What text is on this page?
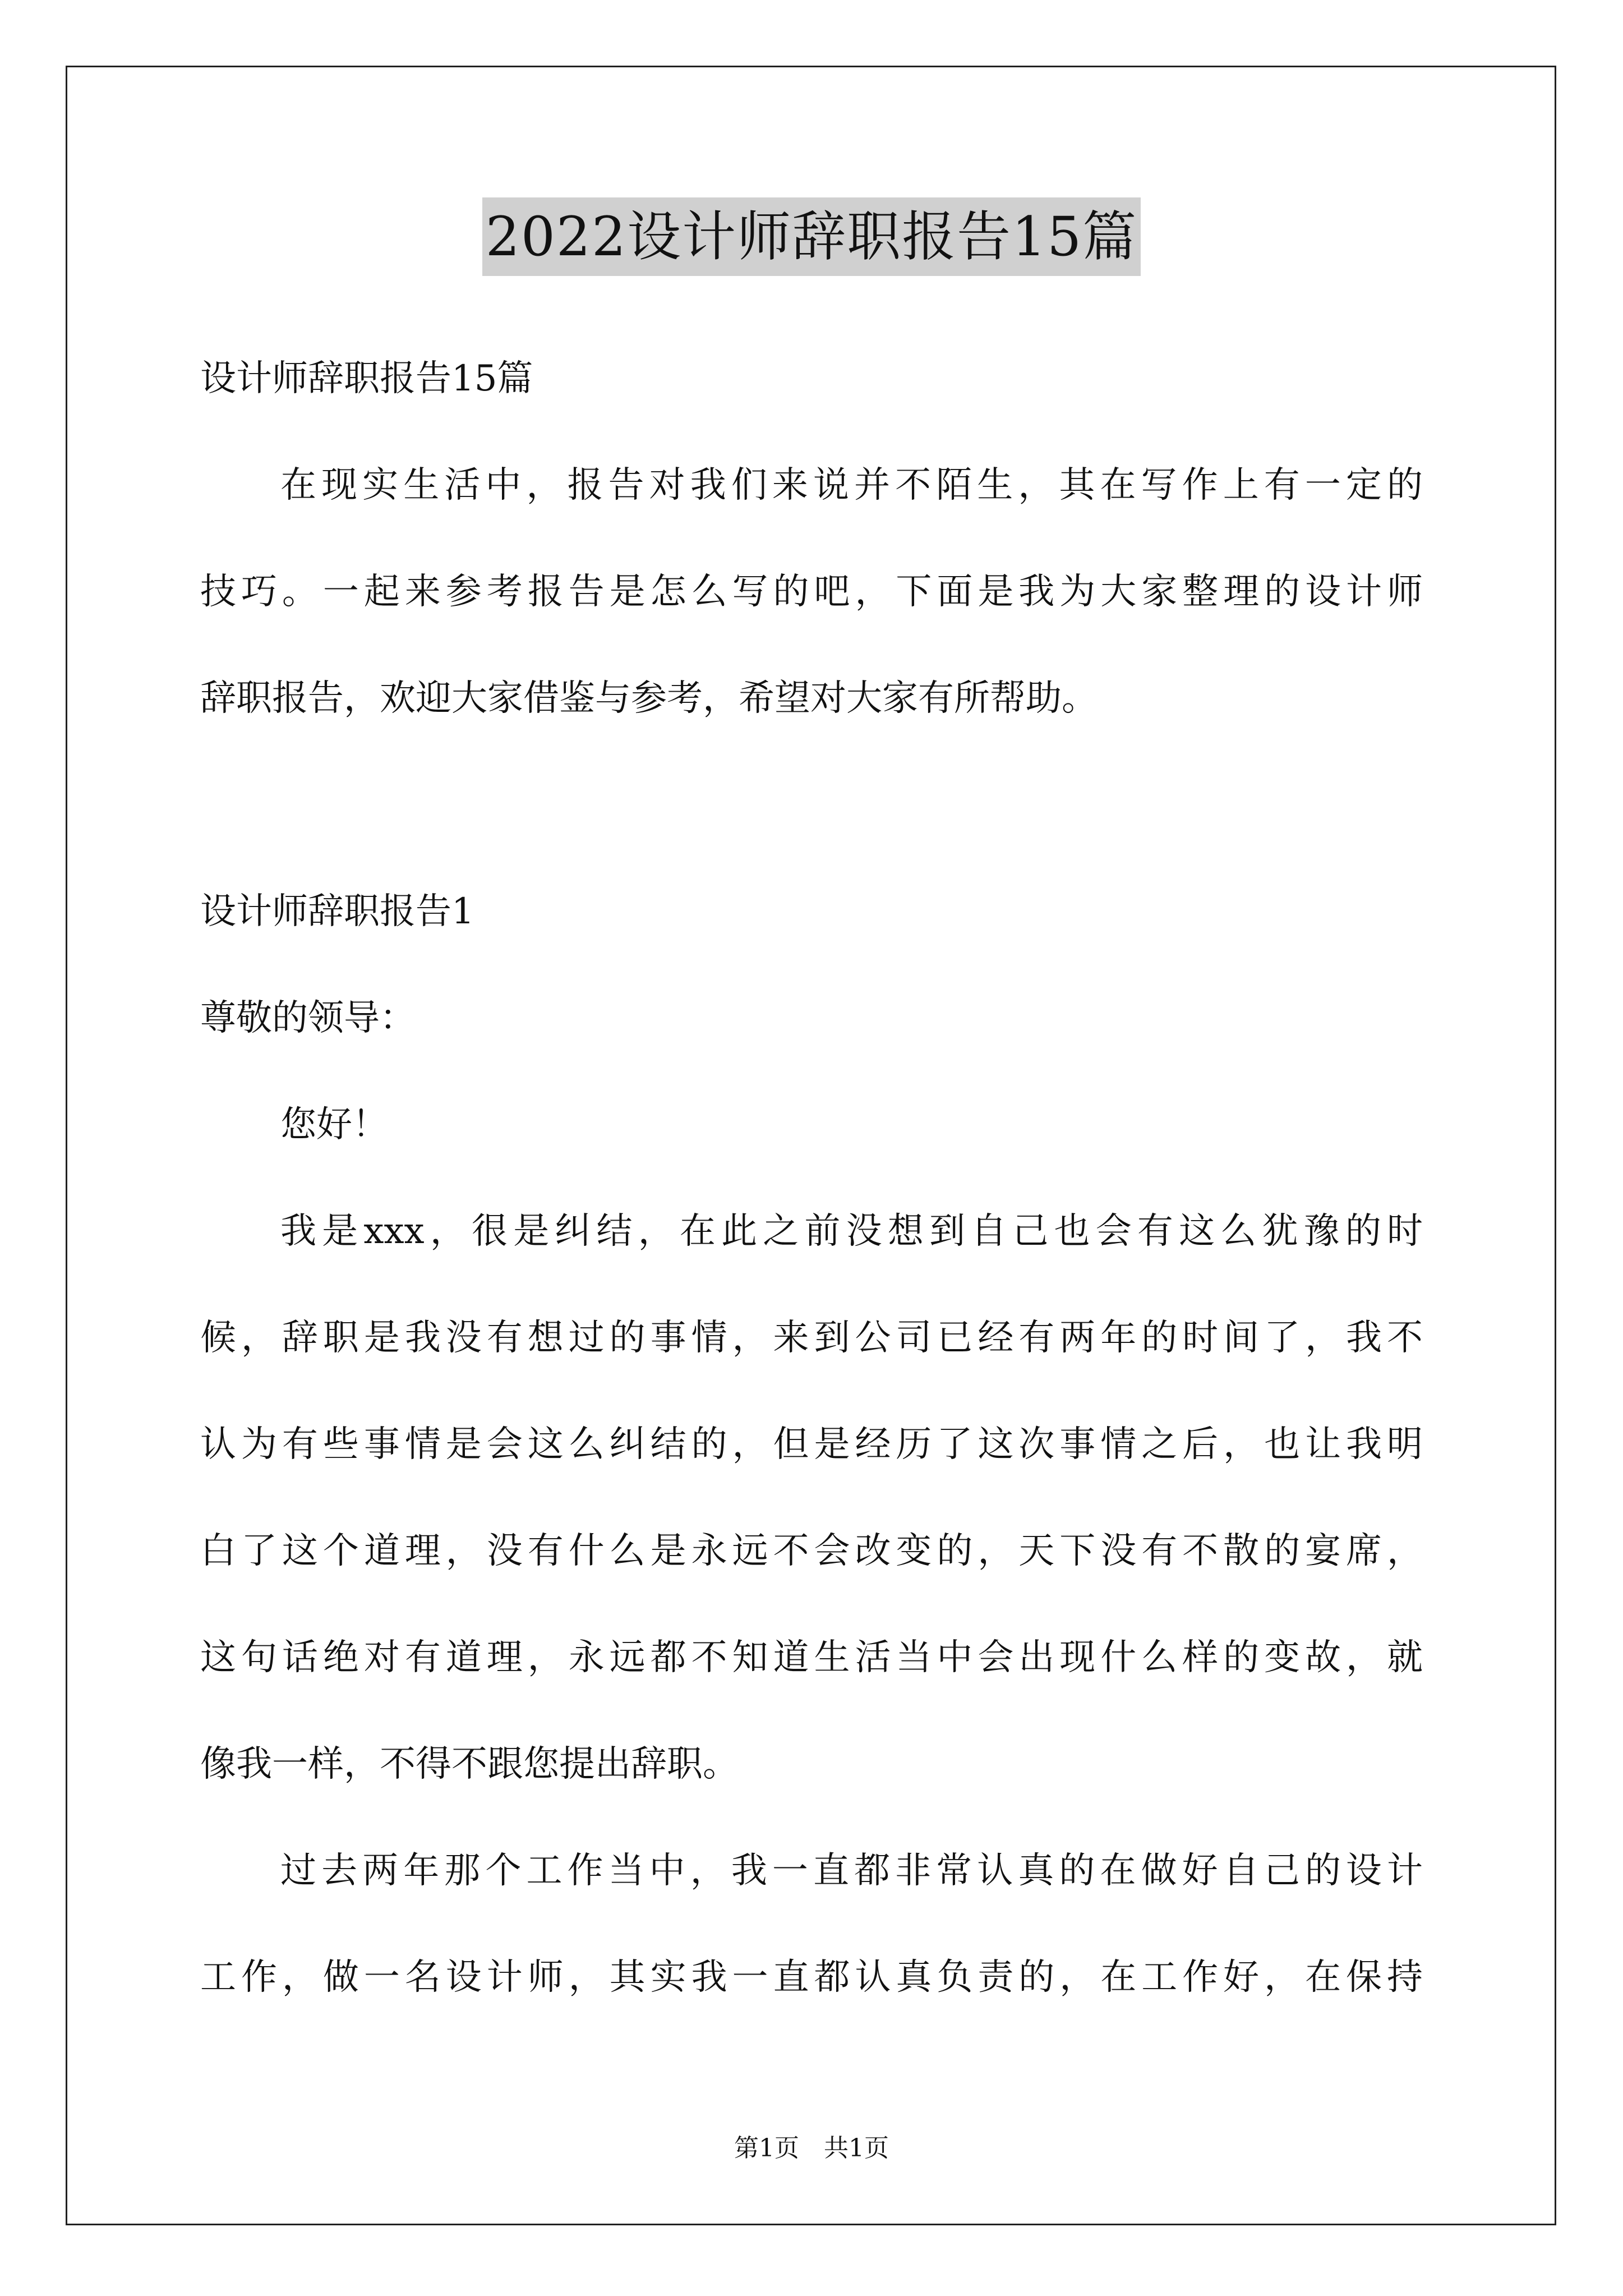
2022设计师辞职报告15篇
设计师辞职报告15篇
在现实生活中，报告对我们来说并不陌生，其在写作上有一定的
技巧。一起来参考报告是怎么写的吧，下面是我为大家整理的设计师
辞职报告，欢迎大家借鉴与参考，希望对大家有所帮助。
设计师辞职报告1
尊敬的领导：
您好！
我是xxx，很是纠结，在此之前没想到自己也会有这么犹豫的时
候，辞职是我没有想过的事情，来到公司已经有两年的时间了，我不
认为有些事情是会这么纠结的，但是经历了这次事情之后，也让我明
白了这个道理，没有什么是永远不会改变的，天下没有不散的宴席，
这句话绝对有道理，永远都不知道生活当中会出现什么样的变故，就
像我一样，不得不跟您提出辞职。
过去两年那个工作当中，我一直都非常认真的在做好自己的设计
工作，做一名设计师，其实我一直都认真负责的，在工作好，在保持
第1页　共1页
